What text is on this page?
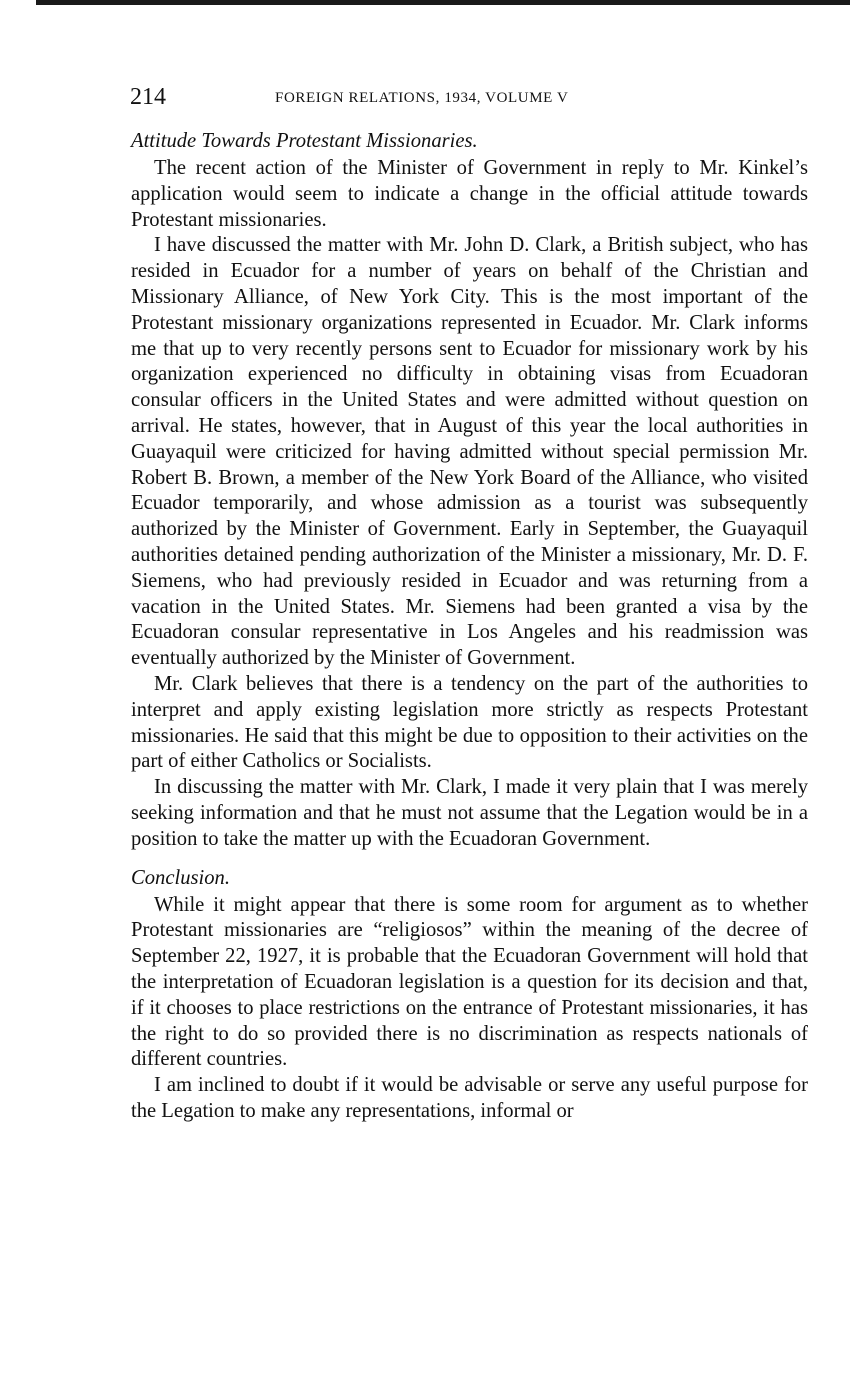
214	FOREIGN RELATIONS, 1934, VOLUME V
Attitude Towards Protestant Missionaries.

The recent action of the Minister of Government in reply to Mr. Kinkel’s application would seem to indicate a change in the official attitude towards Protestant missionaries.

I have discussed the matter with Mr. John D. Clark, a British subject, who has resided in Ecuador for a number of years on behalf of the Christian and Missionary Alliance, of New York City. This is the most important of the Protestant missionary organizations represented in Ecuador. Mr. Clark informs me that up to very recently persons sent to Ecuador for missionary work by his organization experienced no difficulty in obtaining visas from Ecuadoran consular officers in the United States and were admitted without question on arrival. He states, however, that in August of this year the local authorities in Guayaquil were criticized for having admitted without special permission Mr. Robert B. Brown, a member of the New York Board of the Alliance, who visited Ecuador temporarily, and whose admission as a tourist was subsequently authorized by the Minister of Government. Early in September, the Guayaquil authorities detained pending authorization of the Minister a missionary, Mr. D. F. Siemens, who had previously resided in Ecuador and was returning from a vacation in the United States. Mr. Siemens had been granted a visa by the Ecuadoran consular representative in Los Angeles and his readmission was eventually authorized by the Minister of Government.

Mr. Clark believes that there is a tendency on the part of the authorities to interpret and apply existing legislation more strictly as respects Protestant missionaries. He said that this might be due to opposition to their activities on the part of either Catholics or Socialists.

In discussing the matter with Mr. Clark, I made it very plain that I was merely seeking information and that he must not assume that the Legation would be in a position to take the matter up with the Ecuadoran Government.

Conclusion.

While it might appear that there is some room for argument as to whether Protestant missionaries are “religiosos” within the meaning of the decree of September 22, 1927, it is probable that the Ecuadoran Government will hold that the interpretation of Ecuadoran legislation is a question for its decision and that, if it chooses to place restrictions on the entrance of Protestant missionaries, it has the right to do so provided there is no discrimination as respects nationals of different countries.

I am inclined to doubt if it would be advisable or serve any useful purpose for the Legation to make any representations, informal or
